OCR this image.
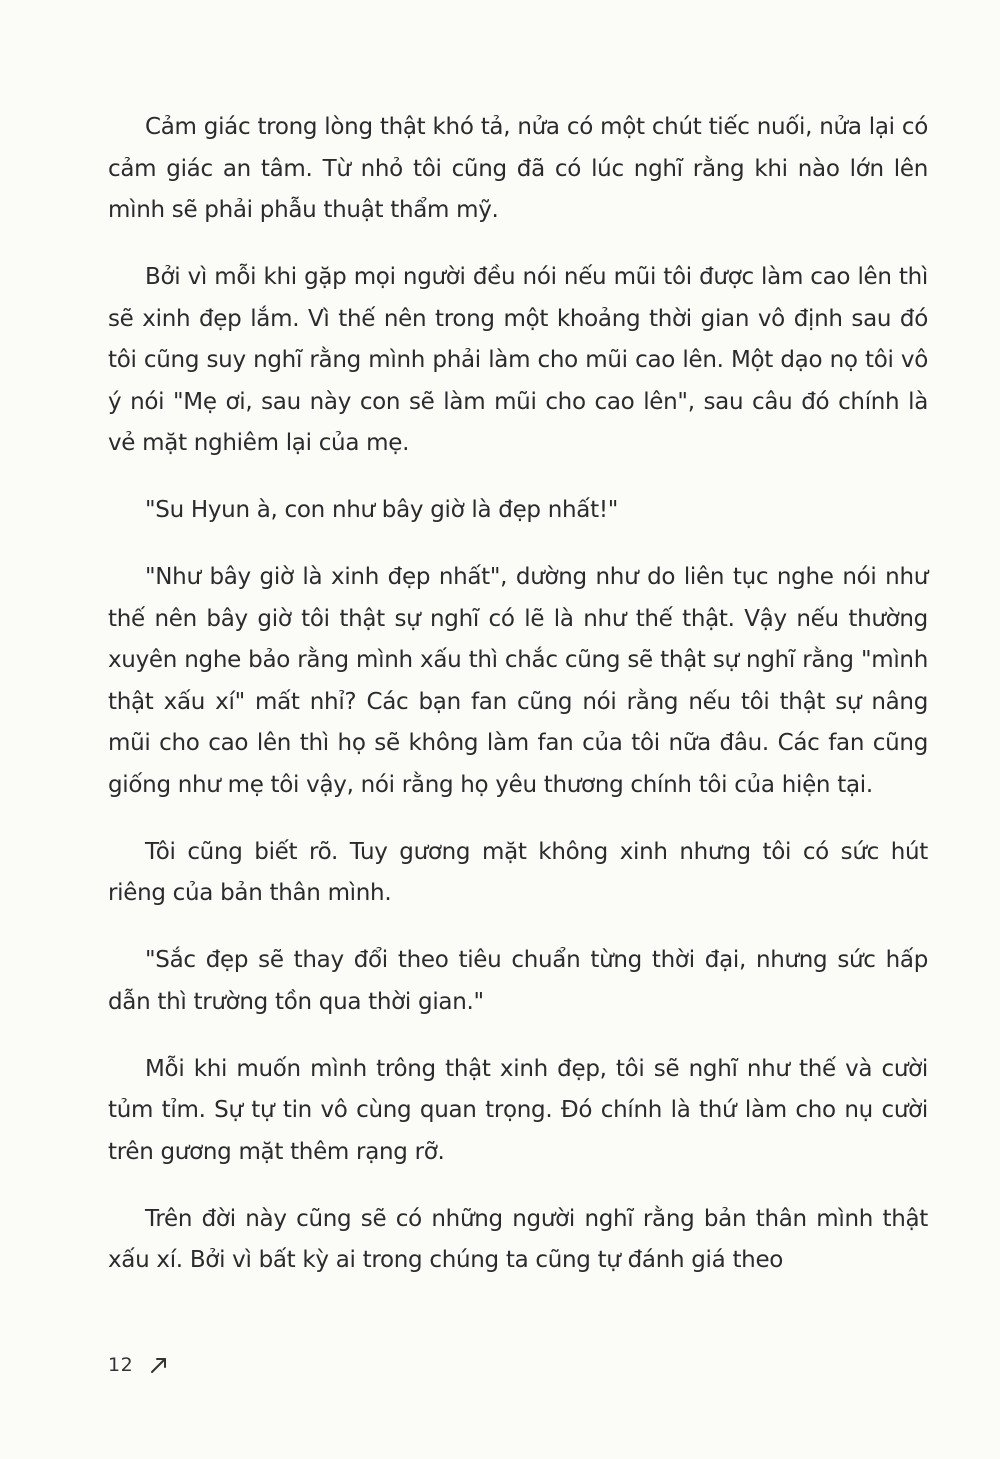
Cảm giác trong lòng thật khó tả, nửa có một chút tiếc nuối, nửa lại có cảm giác an tâm. Từ nhỏ tôi cũng đã có lúc nghĩ rằng khi nào lớn lên mình sẽ phải phẫu thuật thẩm mỹ.

Bởi vì mỗi khi gặp mọi người đều nói nếu mũi tôi được làm cao lên thì sẽ xinh đẹp lắm. Vì thế nên trong một khoảng thời gian vô định sau đó tôi cũng suy nghĩ rằng mình phải làm cho mũi cao lên. Một dạo nọ tôi vô ý nói "Mẹ ơi, sau này con sẽ làm mũi cho cao lên", sau câu đó chính là vẻ mặt nghiêm lại của mẹ.

"Su Hyun à, con như bây giờ là đẹp nhất!"

"Như bây giờ là xinh đẹp nhất", dường như do liên tục nghe nói như thế nên bây giờ tôi thật sự nghĩ có lẽ là như thế thật. Vậy nếu thường xuyên nghe bảo rằng mình xấu thì chắc cũng sẽ thật sự nghĩ rằng "mình thật xấu xí" mất nhỉ? Các bạn fan cũng nói rằng nếu tôi thật sự nâng mũi cho cao lên thì họ sẽ không làm fan của tôi nữa đâu. Các fan cũng giống như mẹ tôi vậy, nói rằng họ yêu thương chính tôi của hiện tại.

Tôi cũng biết rõ. Tuy gương mặt không xinh nhưng tôi có sức hút riêng của bản thân mình.

"Sắc đẹp sẽ thay đổi theo tiêu chuẩn từng thời đại, nhưng sức hấp dẫn thì trường tồn qua thời gian."

Mỗi khi muốn mình trông thật xinh đẹp, tôi sẽ nghĩ như thế và cười tủm tỉm. Sự tự tin vô cùng quan trọng. Đó chính là thứ làm cho nụ cười trên gương mặt thêm rạng rỡ.

Trên đời này cũng sẽ có những người nghĩ rằng bản thân mình thật xấu xí. Bởi vì bất kỳ ai trong chúng ta cũng tự đánh giá theo

12
